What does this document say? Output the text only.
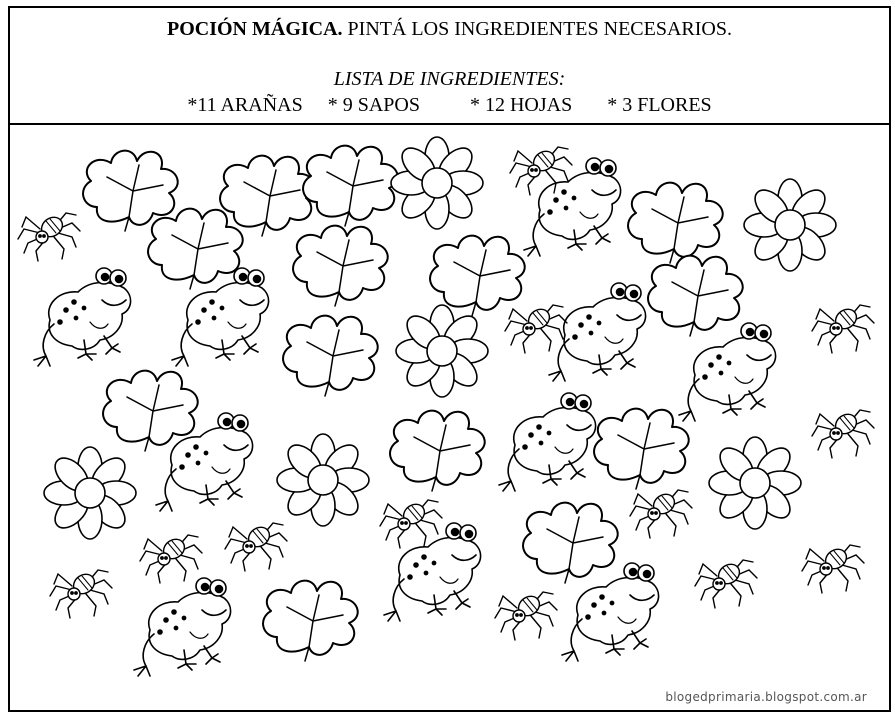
POCIÓN MÁGICA. PINTÁ LOS INGREDIENTES NECESARIOS.
LISTA DE INGREDIENTES:
*11 ARAÑAS * 9 SAPOS	* 12 HOJAS * 3 FLORES
blogedprimaria.blogspot.com.ar
